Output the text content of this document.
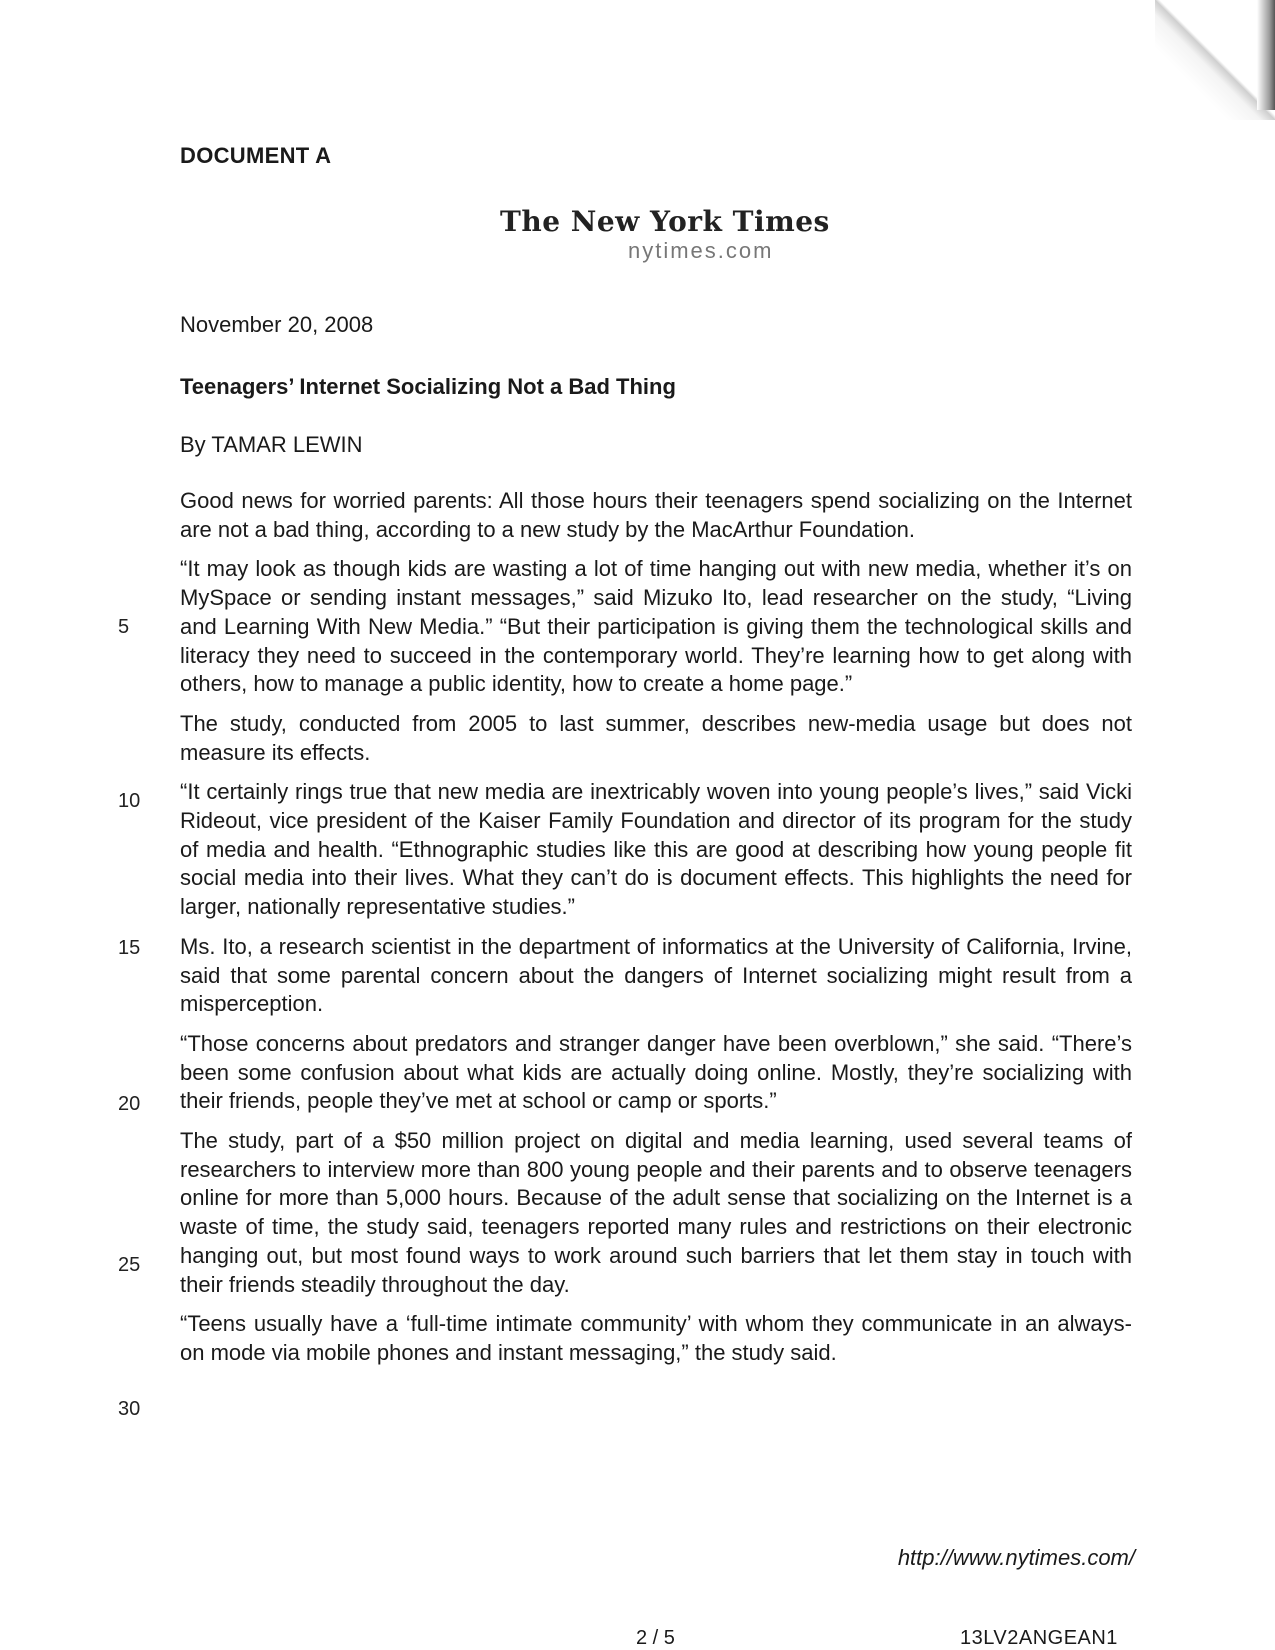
DOCUMENT A
The New York Times
nytimes.com
November 20, 2008
Teenagers’ Internet Socializing Not a Bad Thing
By TAMAR LEWIN

Good news for worried parents: All those hours their teenagers spend socializing on the Internet are not a bad thing, according to a new study by the MacArthur Foundation.

“It may look as though kids are wasting a lot of time hanging out with new media, whether it’s on MySpace or sending instant messages,” said Mizuko Ito, lead researcher on the study, “Living and Learning With New Media.” “But their participation is giving them the technological skills and literacy they need to succeed in the contemporary world. They’re learning how to get along with others, how to manage a public identity, how to create a home page.”

The study, conducted from 2005 to last summer, describes new-media usage but does not measure its effects.

“It certainly rings true that new media are inextricably woven into young people’s lives,” said Vicki Rideout, vice president of the Kaiser Family Foundation and director of its program for the study of media and health. “Ethnographic studies like this are good at describing how young people fit social media into their lives. What they can’t do is document effects. This highlights the need for larger, nationally representative studies.”

Ms. Ito, a research scientist in the department of informatics at the University of California, Irvine, said that some parental concern about the dangers of Internet socializing might result from a misperception.

“Those concerns about predators and stranger danger have been overblown,” she said. “There’s been some confusion about what kids are actually doing online. Mostly, they’re socializing with their friends, people they’ve met at school or camp or sports.”

The study, part of a $50 million project on digital and media learning, used several teams of researchers to interview more than 800 young people and their parents and to observe teenagers online for more than 5,000 hours. Because of the adult sense that socializing on the Internet is a waste of time, the study said, teenagers reported many rules and restrictions on their electronic hanging out, but most found ways to work around such barriers that let them stay in touch with their friends steadily throughout the day.

“Teens usually have a ‘full-time intimate community’ with whom they communicate in an always-on mode via mobile phones and instant messaging,” the study said.

5
10
15
20
25
30
http://www.nytimes.com/
2 / 5	13LV2ANGEAN1
